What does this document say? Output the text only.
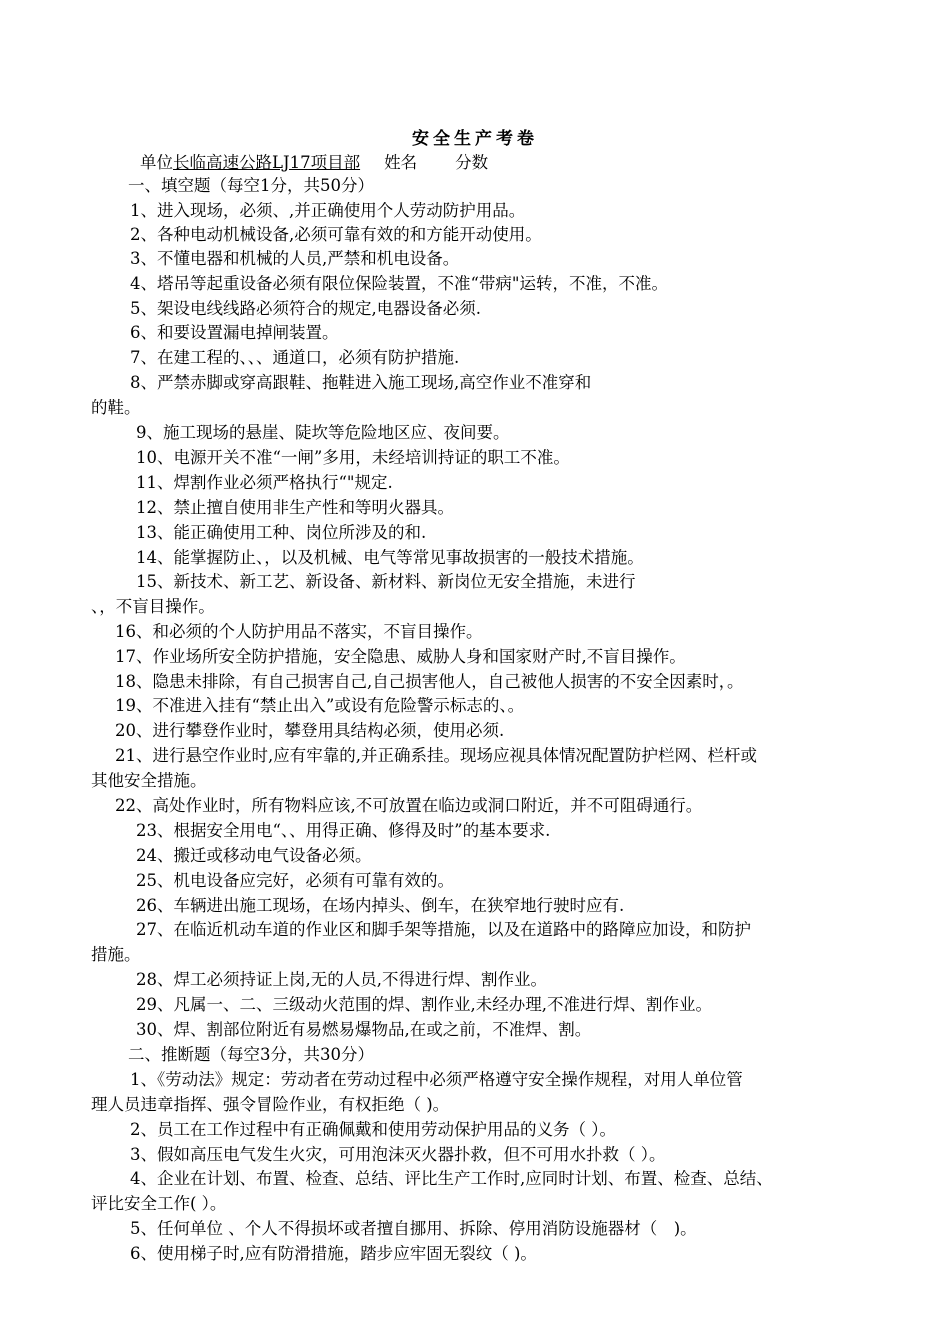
安全生产考卷
单位长临高速公路LJ17项目部 姓名 分数
一、填空题（每空1分，共50分）
1、进入现场，必须、,并正确使用个人劳动防护用品。
2、各种电动机械设备,必须可靠有效的和方能开动使用。
3、不懂电器和机械的人员,严禁和机电设备。
4、塔吊等起重设备必须有限位保险装置，不准“带病"运转，不准，不准。
5、架设电线线路必须符合的规定,电器设备必须.
6、和要设置漏电掉闸装置。
7、在建工程的、、、通道口，必须有防护措施.
8、严禁赤脚或穿高跟鞋、拖鞋进入施工现场,高空作业不准穿和
的鞋。
9、施工现场的悬崖、陡坎等危险地区应、夜间要。
10、电源开关不准“一闸”多用，未经培训持证的职工不准。
11、焊割作业必须严格执行“"规定.
12、禁止擅自使用非生产性和等明火器具。
13、能正确使用工种、岗位所涉及的和.
14、能掌握防止、，以及机械、电气等常见事故损害的一般技术措施。
15、新技术、新工艺、新设备、新材料、新岗位无安全措施，未进行
、，不盲目操作。
16、和必须的个人防护用品不落实，不盲目操作。
17、作业场所安全防护措施，安全隐患、威胁人身和国家财产时,不盲目操作。
18、隐患未排除，有自己损害自己,自己损害他人，自己被他人损害的不安全因素时，。
19、不准进入挂有“禁止出入”或设有危险警示标志的、。
20、进行攀登作业时，攀登用具结构必须，使用必须.
21、进行悬空作业时,应有牢靠的,并正确系挂。现场应视具体情况配置防护栏网、栏杆或
其他安全措施。
22、高处作业时，所有物料应该,不可放置在临边或洞口附近，并不可阻碍通行。
23、根据安全用电“、、用得正确、修得及时”的基本要求.
24、搬迁或移动电气设备必须。
25、机电设备应完好，必须有可靠有效的。
26、车辆进出施工现场，在场内掉头、倒车，在狭窄地行驶时应有.
27、在临近机动车道的作业区和脚手架等措施，以及在道路中的路障应加设，和防护
措施。
28、焊工必须持证上岗,无的人员,不得进行焊、割作业。
29、凡属一、二、三级动火范围的焊、割作业,未经办理,不准进行焊、割作业。
30、焊、割部位附近有易燃易爆物品,在或之前，不准焊、割。
二、推断题（每空3分，共30分）
1、《劳动法》规定：劳动者在劳动过程中必须严格遵守安全操作规程，对用人单位管
理人员违章指挥、强令冒险作业，有权拒绝（ )。
2、员工在工作过程中有正确佩戴和使用劳动保护用品的义务（ ）。
3、假如高压电气发生火灾，可用泡沫灭火器扑救，但不可用水扑救（ ）。
4、企业在计划、布置、检查、总结、评比生产工作时,应同时计划、布置、检查、总结、
评比安全工作( ）。
5、任何单位 、个人不得损坏或者擅自挪用、拆除、停用消防设施器材（　)。
6、使用梯子时,应有防滑措施，踏步应牢固无裂纹（ )。
